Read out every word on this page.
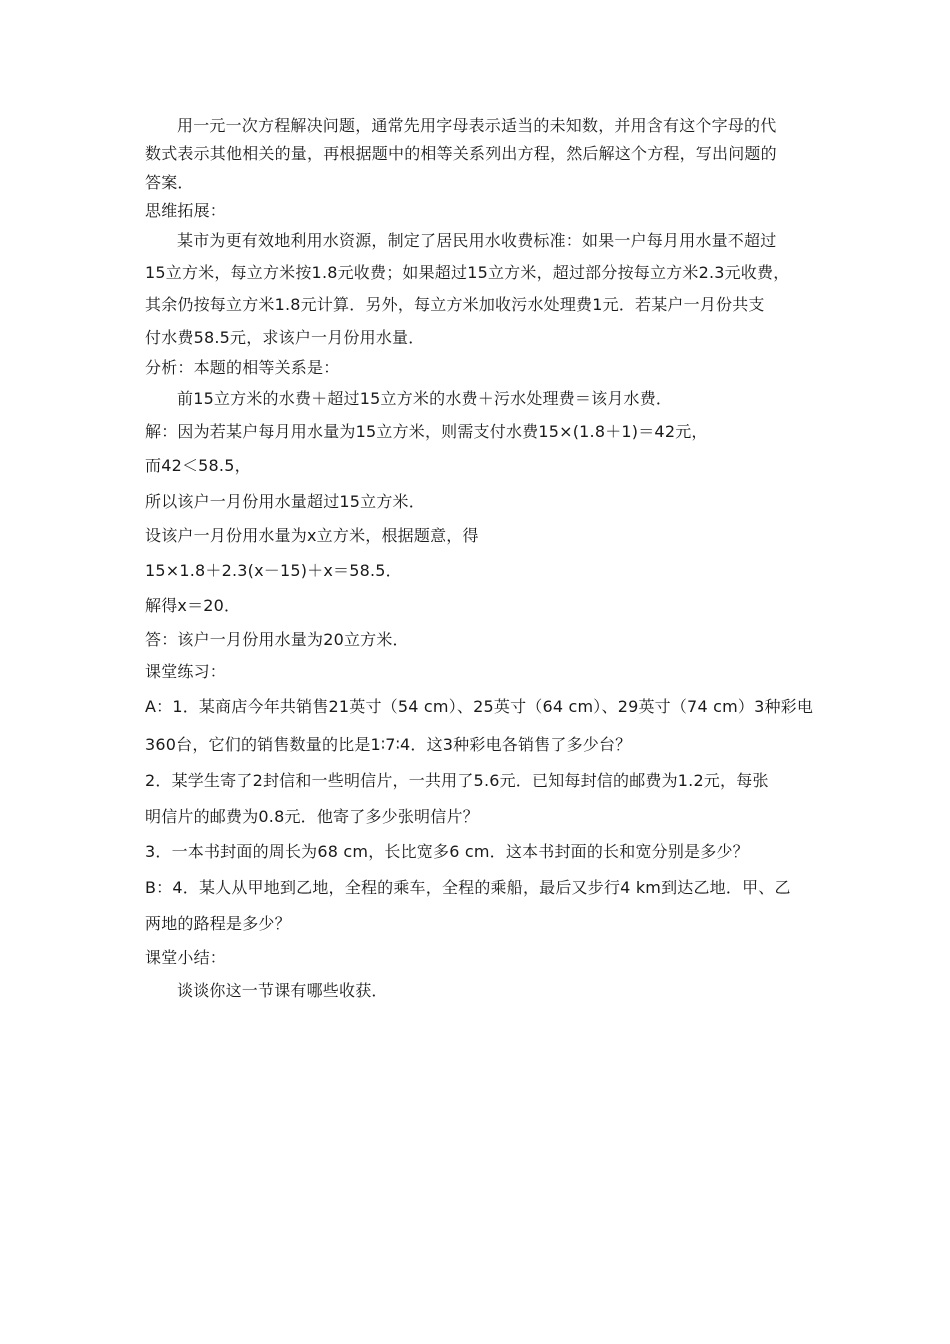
用一元一次方程解决问题，通常先用字母表示适当的未知数，并用含有这个字母的代
数式表示其他相关的量，再根据题中的相等关系列出方程，然后解这个方程，写出问题的
答案．
思维拓展：
某市为更有效地利用水资源，制定了居民用水收费标准：如果一户每月用水量不超过
15立方米，每立方米按1.8元收费；如果超过15立方米，超过部分按每立方米2.3元收费，
其余仍按每立方米1.8元计算．另外，每立方米加收污水处理费1元．若某户一月份共支
付水费58.5元，求该户一月份用水量．
分析：本题的相等关系是：
前15立方米的水费＋超过15立方米的水费＋污水处理费＝该月水费．
解：因为若某户每月用水量为15立方米，则需支付水费15×(1.8＋1)＝42元，
而42＜58.5，
所以该户一月份用水量超过15立方米．
设该户一月份用水量为x立方米，根据题意，得
15×1.8＋2.3(x－15)＋x＝58.5．
解得x＝20．
答：该户一月份用水量为20立方米．
课堂练习：
A：1．某商店今年共销售21英寸（54 cm）、25英寸（64 cm）、29英寸（74 cm）3种彩电
360台，它们的销售数量的比是1∶7∶4．这3种彩电各销售了多少台？
2．某学生寄了2封信和一些明信片，一共用了5.6元．已知每封信的邮费为1.2元，每张
明信片的邮费为0.8元．他寄了多少张明信片？
3．一本书封面的周长为68 cm，长比宽多6 cm．这本书封面的长和宽分别是多少？
B：4．某人从甲地到乙地，全程的乘车，全程的乘船，最后又步行4 km到达乙地．甲、乙
两地的路程是多少？
课堂小结：
谈谈你这一节课有哪些收获．
